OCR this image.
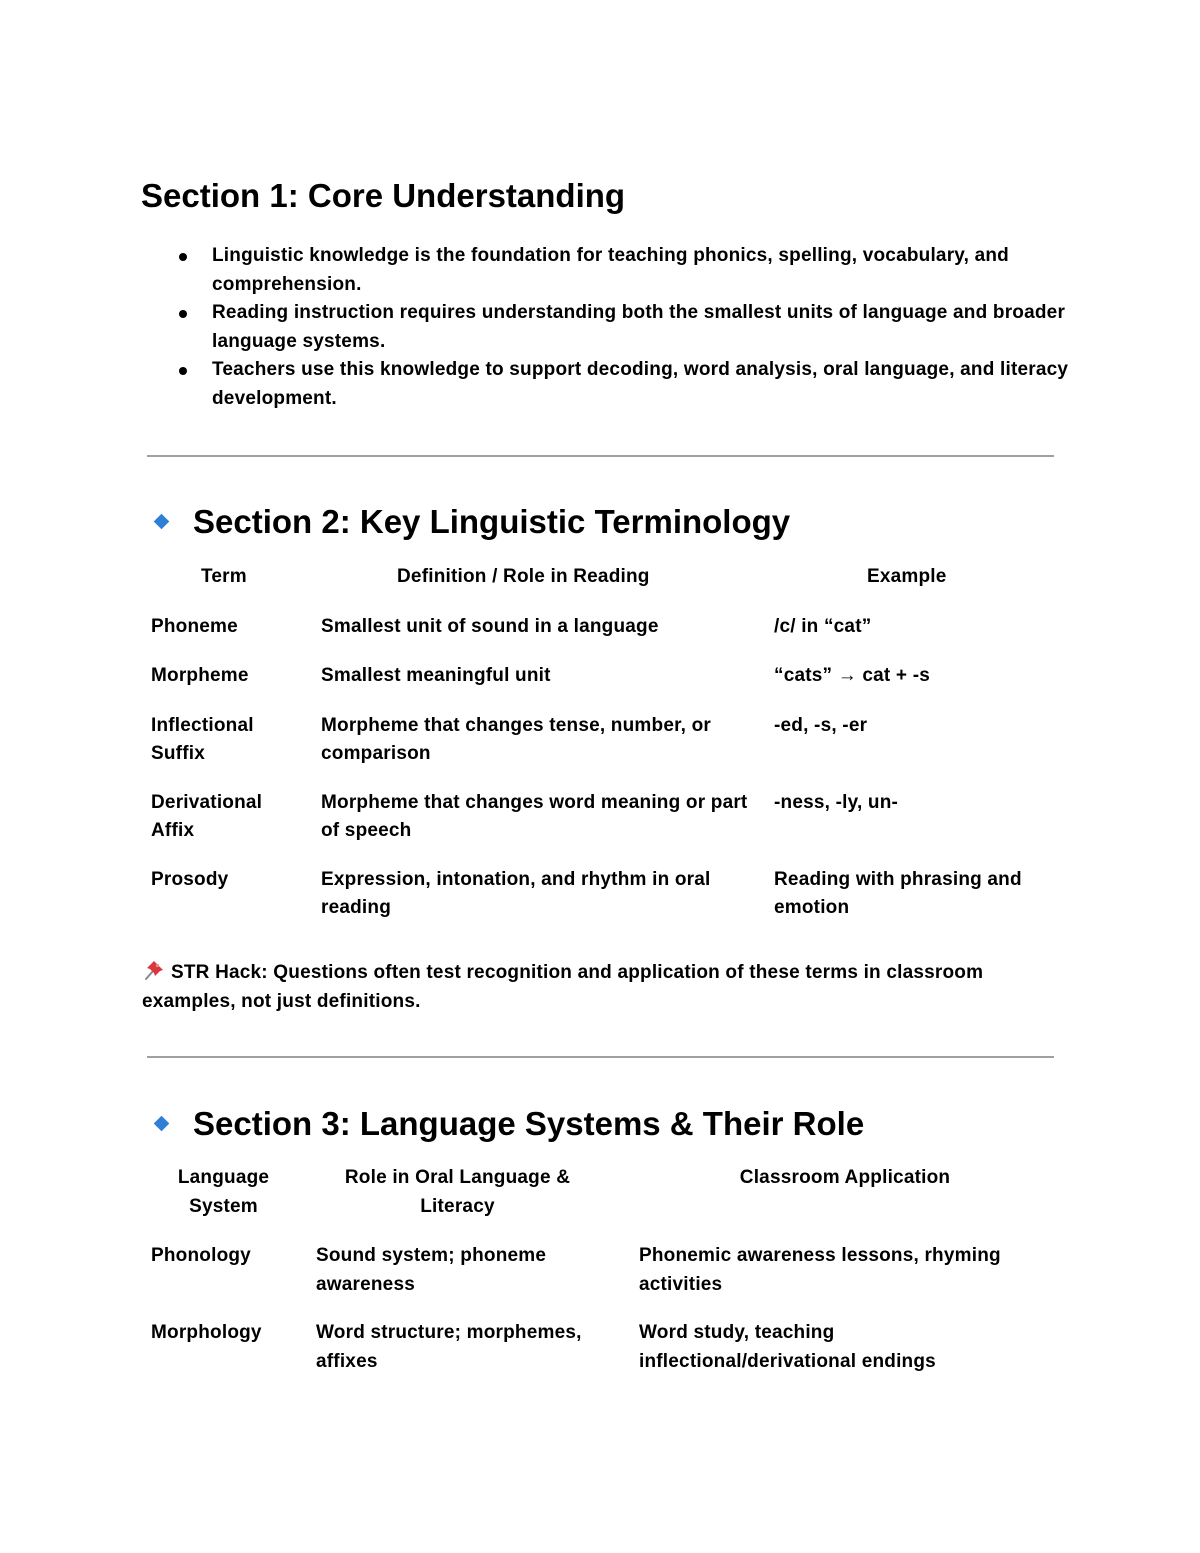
Section 1: Core Understanding
Linguistic knowledge is the foundation for teaching phonics, spelling, vocabulary, and comprehension.
Reading instruction requires understanding both the smallest units of language and broader language systems.
Teachers use this knowledge to support decoding, word analysis, oral language, and literacy development.
Section 2: Key Linguistic Terminology
Term	Definition / Role in Reading	Example
Phoneme	Smallest unit of sound in a language	/c/ in “cat”
Morpheme	Smallest meaningful unit	“cats” → cat + -s
Inflectional Suffix	Morpheme that changes tense, number, or comparison	-ed, -s, -er
Derivational Affix	Morpheme that changes word meaning or part of speech	-ness, -ly, un-
Prosody	Expression, intonation, and rhythm in oral reading	Reading with phrasing and emotion
STR Hack: Questions often test recognition and application of these terms in classroom examples, not just definitions.
Section 3: Language Systems & Their Role
Language System	Role in Oral Language & Literacy	Classroom Application
Phonology	Sound system; phoneme awareness	Phonemic awareness lessons, rhyming activities
Morphology	Word structure; morphemes, affixes	Word study, teaching inflectional/derivational endings
